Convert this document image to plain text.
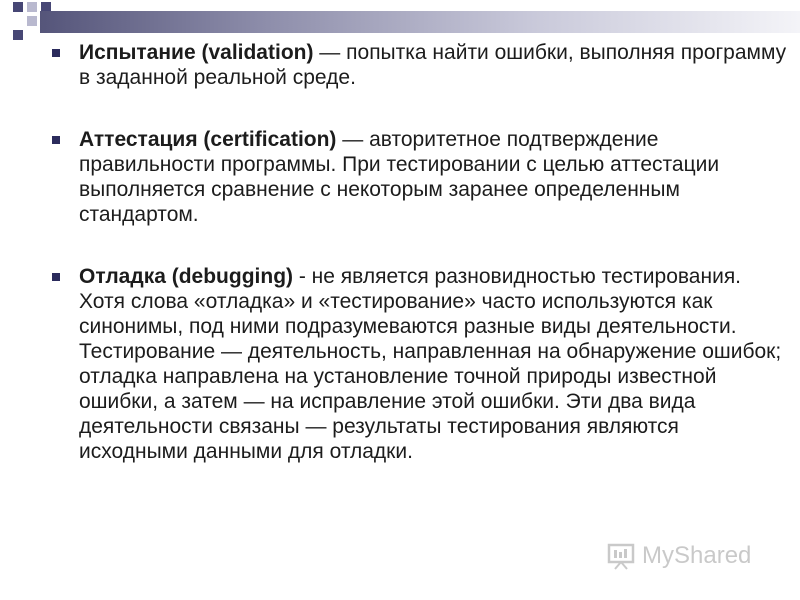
Испытание (validation) — попытка найти ошибки, выполняя программу в заданной реальной среде.
Аттестация (certification) — авторитетное подтверждение правильности программы. При тестировании с целью аттестации выполняется сравнение с некоторым заранее определенным стандартом.
Отладка (debugging) - не является разновидностью тестирования. Хотя слова «отладка» и «тестирование» часто используются как синонимы, под ними подразумеваются разные виды деятельности. Тестирование — деятельность, направленная на обнаружение ошибок; отладка направлена на установление точной природы известной ошибки, а затем — на исправление этой ошибки. Эти два вида деятельности связаны — результаты тестирования являются исходными данными для отладки.
MyShared
